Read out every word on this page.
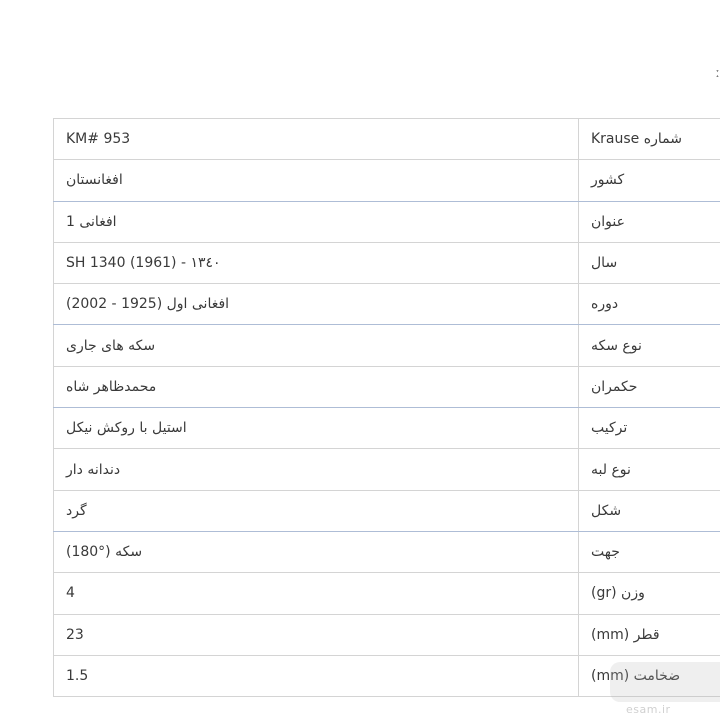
ː
KM# 953	شماره Krause
افغانستان	کشور
1 افغانی	عنوان
SH 1340 (1961) - ۱۳٤۰	سال
افغانی اول (1925 - 2002)	دوره
سکه های جاری	نوع سکه
محمدظاهر شاه	حکمران
استیل با روکش نیکل	ترکیب
دندانه دار	نوع لبه
گرد	شکل
(180°) سکه	جهت
4	وزن (gr)
23	قطر (mm)
1.5	ضخامت (mm)
esam.ir
